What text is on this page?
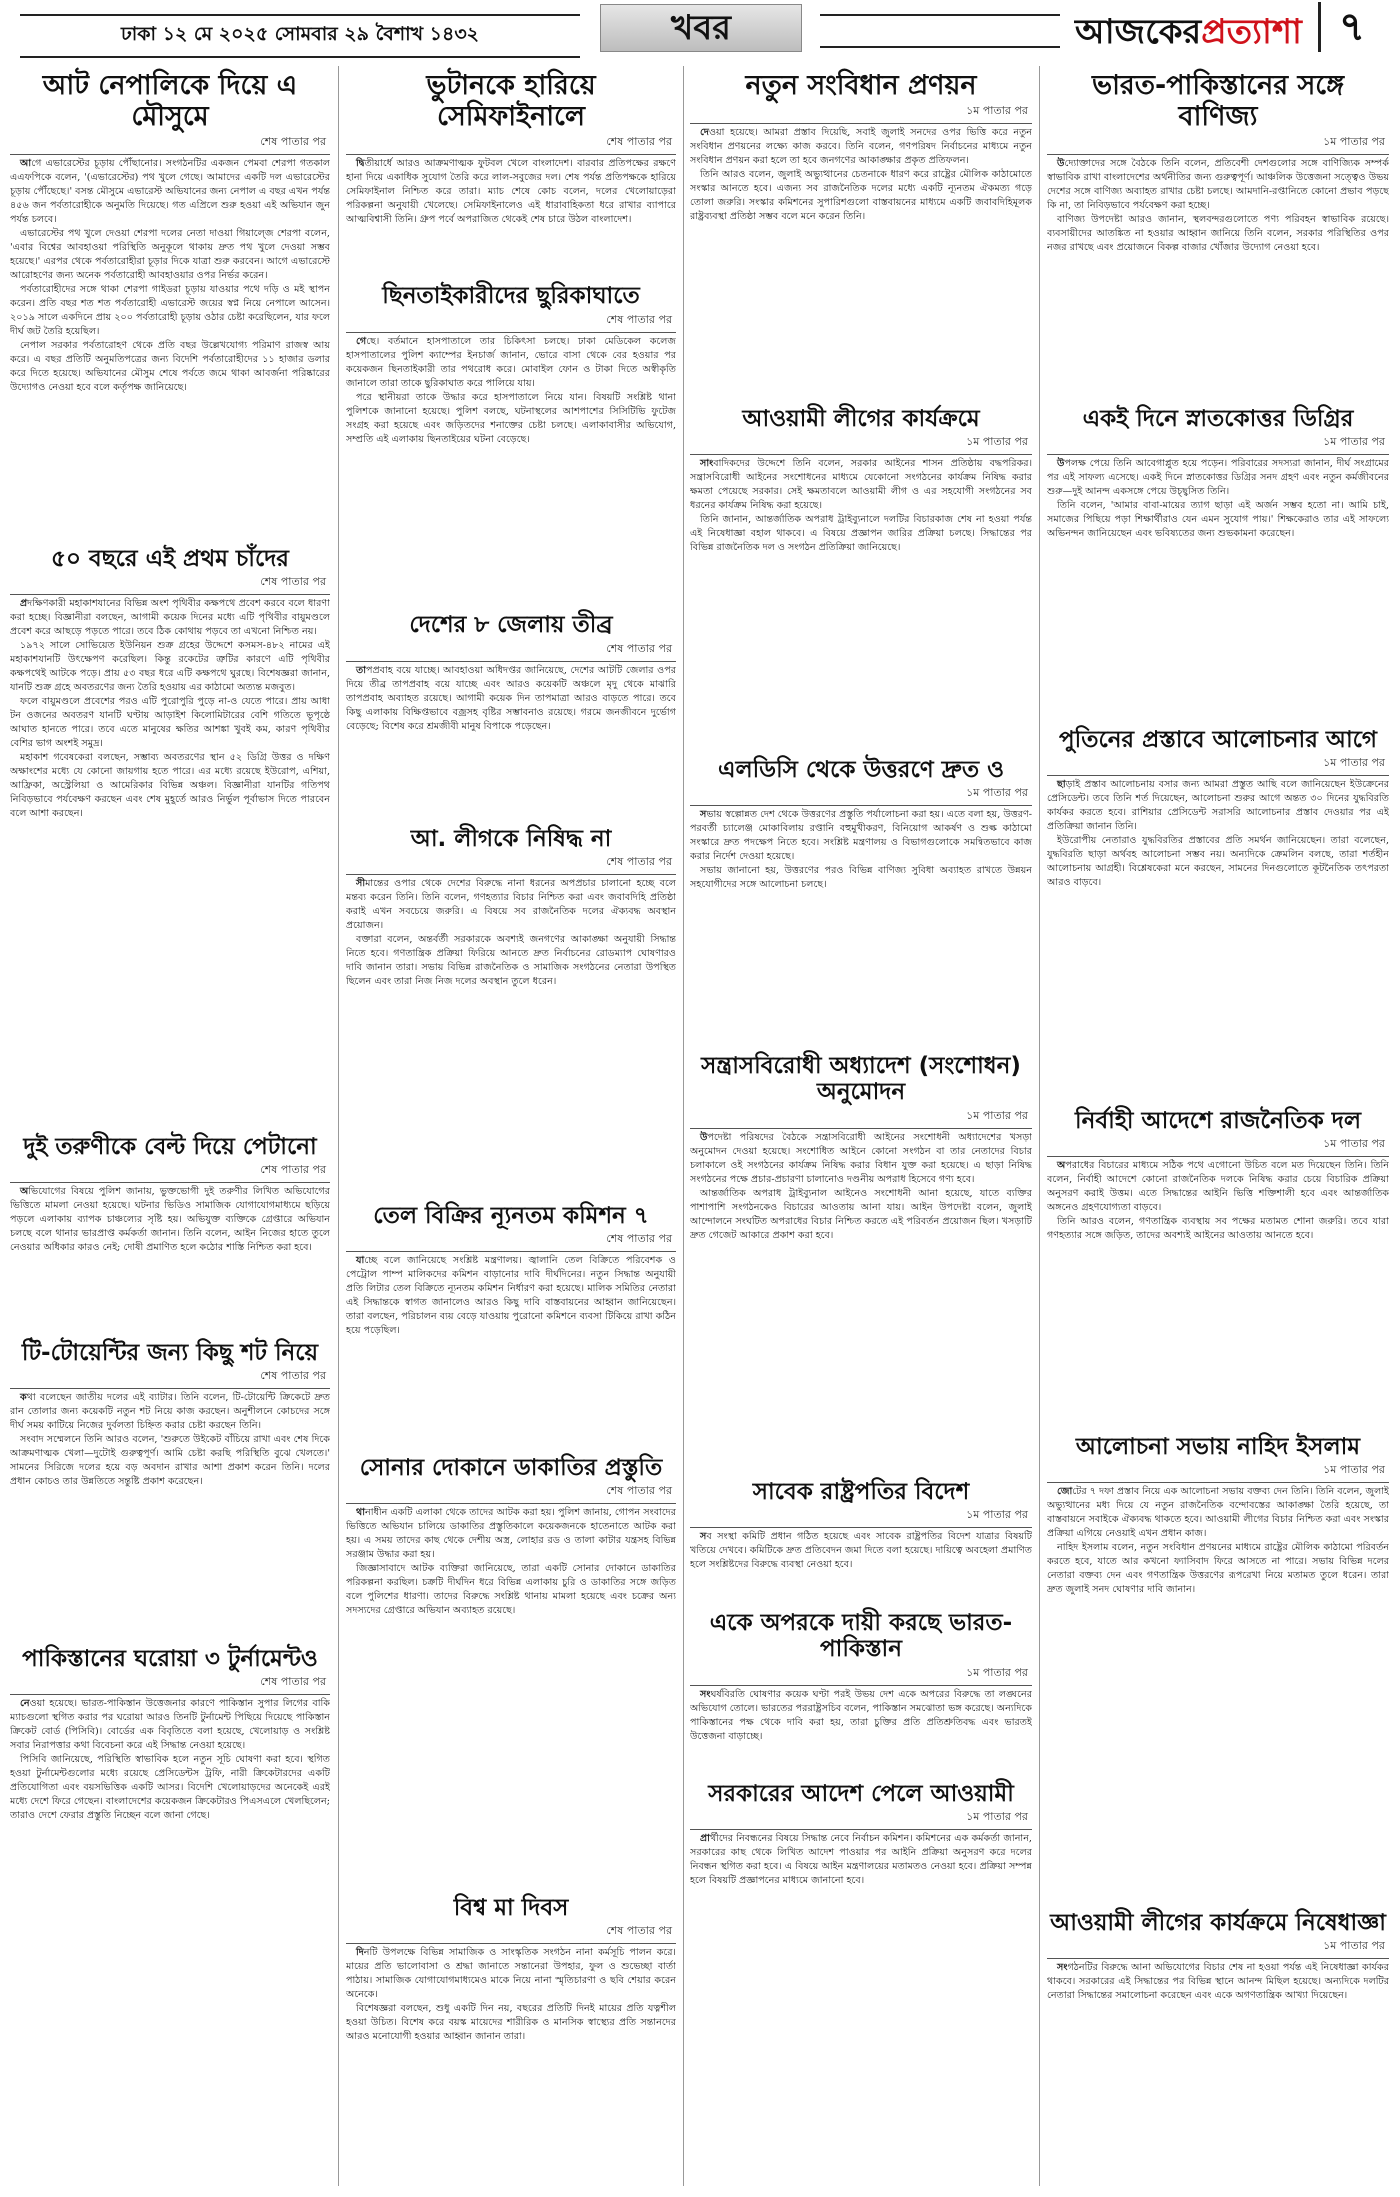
ঢাকা ১২ মে ২০২৫ সোমবার ২৯ বৈশাখ ১৪৩২	খবর	আজকেরপ্রত্যাশা ৭
আট নেপালিকে দিয়ে এ মৌসুমে
শেষ পাতার পর

আগে এভারেস্টের চূড়ায় পৌঁছানোর। সংগঠনটির একজন পেমবা শেরপা গতকাল এএফপিকে বলেন, '(এভারেস্টের) পথ খুলে গেছে। আমাদের একটি দল এভারেস্টের চূড়ায় পৌঁছেছে।' বসন্ত মৌসুমে এভারেস্ট অভিযানের জন্য নেপাল এ বছর এখন পর্যন্ত ৪৫৬ জন পর্বতারোহীকে অনুমতি দিয়েছে। গত এপ্রিলে শুরু হওয়া এই অভিযান জুন পর্যন্ত চলবে।

এভারেস্টের পথ খুলে দেওয়া শেরপা দলের নেতা দাওয়া গিয়াল্জে শেরপা বলেন, 'এবার বিশ্বের আবহাওয়া পরিস্থিতি অনুকূলে থাকায় দ্রুত পথ খুলে দেওয়া সম্ভব হয়েছে।' এরপর থেকে পর্বতারোহীরা চূড়ার দিকে যাত্রা শুরু করবেন। আগে এভারেস্টে আরোহণের জন্য অনেক পর্বতারোহী আবহাওয়ার ওপর নির্ভর করেন।

পর্বতারোহীদের সঙ্গে থাকা শেরপা গাইডরা চূড়ায় যাওয়ার পথে দড়ি ও মই স্থাপন করেন। প্রতি বছর শত শত পর্বতারোহী এভারেস্ট জয়ের স্বপ্ন নিয়ে নেপালে আসেন। ২০১৯ সালে একদিনে প্রায় ২০০ পর্বতারোহী চূড়ায় ওঠার চেষ্টা করেছিলেন, যার ফলে দীর্ঘ জট তৈরি হয়েছিল।

নেপাল সরকার পর্বতারোহণ থেকে প্রতি বছর উল্লেখযোগ্য পরিমাণ রাজস্ব আয় করে। এ বছর প্রতিটি অনুমতিপত্রের জন্য বিদেশি পর্বতারোহীদের ১১ হাজার ডলার করে দিতে হয়েছে। অভিযানের মৌসুম শেষে পর্বতে জমে থাকা আবর্জনা পরিষ্কারের উদ্যোগও নেওয়া হবে বলে কর্তৃপক্ষ জানিয়েছে।

৫০ বছরে এই প্রথম চাঁদের
শেষ পাতার পর

প্রদক্ষিণকারী মহাকাশযানের বিভিন্ন অংশ পৃথিবীর কক্ষপথে প্রবেশ করবে বলে ধারণা করা হচ্ছে। বিজ্ঞানীরা বলছেন, আগামী কয়েক দিনের মধ্যে এটি পৃথিবীর বায়ুমণ্ডলে প্রবেশ করে আছড়ে পড়তে পারে। তবে ঠিক কোথায় পড়বে তা এখনো নিশ্চিত নয়।

১৯৭২ সালে সোভিয়েত ইউনিয়ন শুক্র গ্রহের উদ্দেশে কসমস-৪৮২ নামের এই মহাকাশযানটি উৎক্ষেপণ করেছিল। কিন্তু রকেটের ত্রুটির কারণে এটি পৃথিবীর কক্ষপথেই আটকে পড়ে। প্রায় ৫৩ বছর ধরে এটি কক্ষপথে ঘুরছে। বিশেষজ্ঞরা জানান, যানটি শুক্র গ্রহে অবতরণের জন্য তৈরি হওয়ায় এর কাঠামো অত্যন্ত মজবুত।

ফলে বায়ুমণ্ডলে প্রবেশের পরও এটি পুরোপুরি পুড়ে না-ও যেতে পারে। প্রায় আধা টন ওজনের অবতরণ যানটি ঘণ্টায় আড়াইশ কিলোমিটারের বেশি গতিতে ভূপৃষ্ঠে আঘাত হানতে পারে। তবে এতে মানুষের ক্ষতির আশঙ্কা খুবই কম, কারণ পৃথিবীর বেশির ভাগ অংশই সমুদ্র।

মহাকাশ গবেষকেরা বলছেন, সম্ভাব্য অবতরণের স্থান ৫২ ডিগ্রি উত্তর ও দক্ষিণ অক্ষাংশের মধ্যে যে কোনো জায়গায় হতে পারে। এর মধ্যে রয়েছে ইউরোপ, এশিয়া, আফ্রিকা, অস্ট্রেলিয়া ও আমেরিকার বিভিন্ন অঞ্চল। বিজ্ঞানীরা যানটির গতিপথ নিবিড়ভাবে পর্যবেক্ষণ করছেন এবং শেষ মুহূর্তে আরও নির্ভুল পূর্বাভাস দিতে পারবেন বলে আশা করছেন।

দুই তরুণীকে বেল্ট দিয়ে পেটানো
শেষ পাতার পর

অভিযোগের বিষয়ে পুলিশ জানায়, ভুক্তভোগী দুই তরুণীর লিখিত অভিযোগের ভিত্তিতে মামলা নেওয়া হয়েছে। ঘটনার ভিডিও সামাজিক যোগাযোগমাধ্যমে ছড়িয়ে পড়লে এলাকায় ব্যাপক চাঞ্চল্যের সৃষ্টি হয়। অভিযুক্ত ব্যক্তিকে গ্রেপ্তারে অভিযান চলছে বলে থানার ভারপ্রাপ্ত কর্মকর্তা জানান। তিনি বলেন, আইন নিজের হাতে তুলে নেওয়ার অধিকার কারও নেই; দোষী প্রমাণিত হলে কঠোর শাস্তি নিশ্চিত করা হবে।

টি-টোয়েন্টির জন্য কিছু শট নিয়ে
শেষ পাতার পর

কথা বলেছেন জাতীয় দলের এই ব্যাটার। তিনি বলেন, টি-টোয়েন্টি ক্রিকেটে দ্রুত রান তোলার জন্য কয়েকটি নতুন শট নিয়ে কাজ করছেন। অনুশীলনে কোচদের সঙ্গে দীর্ঘ সময় কাটিয়ে নিজের দুর্বলতা চিহ্নিত করার চেষ্টা করছেন তিনি।

সংবাদ সম্মেলনে তিনি আরও বলেন, 'শুরুতে উইকেট বাঁচিয়ে রাখা এবং শেষ দিকে আক্রমণাত্মক খেলা—দুটোই গুরুত্বপূর্ণ। আমি চেষ্টা করছি পরিস্থিতি বুঝে খেলতে।' সামনের সিরিজে দলের হয়ে বড় অবদান রাখার আশা প্রকাশ করেন তিনি। দলের প্রধান কোচও তার উন্নতিতে সন্তুষ্টি প্রকাশ করেছেন।

পাকিস্তানের ঘরোয়া ৩ টুর্নামেন্টও
শেষ পাতার পর

নেওয়া হয়েছে। ভারত-পাকিস্তান উত্তেজনার কারণে পাকিস্তান সুপার লিগের বাকি ম্যাচগুলো স্থগিত করার পর ঘরোয়া আরও তিনটি টুর্নামেন্ট পিছিয়ে দিয়েছে পাকিস্তান ক্রিকেট বোর্ড (পিসিবি)। বোর্ডের এক বিবৃতিতে বলা হয়েছে, খেলোয়াড় ও সংশ্লিষ্ট সবার নিরাপত্তার কথা বিবেচনা করে এই সিদ্ধান্ত নেওয়া হয়েছে।

পিসিবি জানিয়েছে, পরিস্থিতি স্বাভাবিক হলে নতুন সূচি ঘোষণা করা হবে। স্থগিত হওয়া টুর্নামেন্টগুলোর মধ্যে রয়েছে প্রেসিডেন্টস ট্রফি, নারী ক্রিকেটারদের একটি প্রতিযোগিতা এবং বয়সভিত্তিক একটি আসর। বিদেশি খেলোয়াড়দের অনেকেই এরই মধ্যে দেশে ফিরে গেছেন। বাংলাদেশের কয়েকজন ক্রিকেটারও পিএসএলে খেলছিলেন; তারাও দেশে ফেরার প্রস্তুতি নিচ্ছেন বলে জানা গেছে।

ভুটানকে হারিয়ে সেমিফাইনালে
শেষ পাতার পর

দ্বিতীয়ার্ধে আরও আক্রমণাত্মক ফুটবল খেলে বাংলাদেশ। বারবার প্রতিপক্ষের রক্ষণে হানা দিয়ে একাধিক সুযোগ তৈরি করে লাল-সবুজের দল। শেষ পর্যন্ত প্রতিপক্ষকে হারিয়ে সেমিফাইনাল নিশ্চিত করে তারা। ম্যাচ শেষে কোচ বলেন, দলের খেলোয়াড়েরা পরিকল্পনা অনুযায়ী খেলেছে। সেমিফাইনালেও এই ধারাবাহিকতা ধরে রাখার ব্যাপারে আত্মবিশ্বাসী তিনি। গ্রুপ পর্বে অপরাজিত থেকেই শেষ চারে উঠল বাংলাদেশ।

ছিনতাইকারীদের ছুরিকাঘাতে
শেষ পাতার পর

গেছে। বর্তমানে হাসপাতালে তার চিকিৎসা চলছে। ঢাকা মেডিকেল কলেজ হাসপাতালের পুলিশ ক্যাম্পের ইনচার্জ জানান, ভোরে বাসা থেকে বের হওয়ার পর কয়েকজন ছিনতাইকারী তার পথরোধ করে। মোবাইল ফোন ও টাকা দিতে অস্বীকৃতি জানালে তারা তাকে ছুরিকাঘাত করে পালিয়ে যায়।

পরে স্থানীয়রা তাকে উদ্ধার করে হাসপাতালে নিয়ে যান। বিষয়টি সংশ্লিষ্ট থানা পুলিশকে জানানো হয়েছে। পুলিশ বলছে, ঘটনাস্থলের আশপাশের সিসিটিভি ফুটেজ সংগ্রহ করা হয়েছে এবং জড়িতদের শনাক্তের চেষ্টা চলছে। এলাকাবাসীর অভিযোগ, সম্প্রতি এই এলাকায় ছিনতাইয়ের ঘটনা বেড়েছে।

দেশের ৮ জেলায় তীব্র
শেষ পাতার পর

তাপপ্রবাহ বয়ে যাচ্ছে। আবহাওয়া অধিদপ্তর জানিয়েছে, দেশের আটটি জেলার ওপর দিয়ে তীব্র তাপপ্রবাহ বয়ে যাচ্ছে এবং আরও কয়েকটি অঞ্চলে মৃদু থেকে মাঝারি তাপপ্রবাহ অব্যাহত রয়েছে। আগামী কয়েক দিন তাপমাত্রা আরও বাড়তে পারে। তবে কিছু এলাকায় বিক্ষিপ্তভাবে বজ্রসহ বৃষ্টির সম্ভাবনাও রয়েছে। গরমে জনজীবনে দুর্ভোগ বেড়েছে; বিশেষ করে শ্রমজীবী মানুষ বিপাকে পড়েছেন।

আ. লীগকে নিষিদ্ধ না
শেষ পাতার পর

সীমান্তের ওপার থেকে দেশের বিরুদ্ধে নানা ধরনের অপপ্রচার চালানো হচ্ছে বলে মন্তব্য করেন তিনি। তিনি বলেন, গণহত্যার বিচার নিশ্চিত করা এবং জবাবদিহি প্রতিষ্ঠা করাই এখন সবচেয়ে জরুরি। এ বিষয়ে সব রাজনৈতিক দলের ঐক্যবদ্ধ অবস্থান প্রয়োজন।

বক্তারা বলেন, অন্তর্বর্তী সরকারকে অবশ্যই জনগণের আকাঙ্ক্ষা অনুযায়ী সিদ্ধান্ত নিতে হবে। গণতান্ত্রিক প্রক্রিয়া ফিরিয়ে আনতে দ্রুত নির্বাচনের রোডম্যাপ ঘোষণারও দাবি জানান তারা। সভায় বিভিন্ন রাজনৈতিক ও সামাজিক সংগঠনের নেতারা উপস্থিত ছিলেন এবং তারা নিজ নিজ দলের অবস্থান তুলে ধরেন।

তেল বিক্রির ন্যূনতম কমিশন ৭
শেষ পাতার পর

যাচ্ছে বলে জানিয়েছে সংশ্লিষ্ট মন্ত্রণালয়। জ্বালানি তেল বিক্রিতে পরিবেশক ও পেট্রোল পাম্প মালিকদের কমিশন বাড়ানোর দাবি দীর্ঘদিনের। নতুন সিদ্ধান্ত অনুযায়ী প্রতি লিটার তেল বিক্রিতে ন্যূনতম কমিশন নির্ধারণ করা হয়েছে। মালিক সমিতির নেতারা এই সিদ্ধান্তকে স্বাগত জানালেও আরও কিছু দাবি বাস্তবায়নের আহ্বান জানিয়েছেন। তারা বলছেন, পরিচালন ব্যয় বেড়ে যাওয়ায় পুরোনো কমিশনে ব্যবসা টিকিয়ে রাখা কঠিন হয়ে পড়েছিল।

সোনার দোকানে ডাকাতির প্রস্তুতি
শেষ পাতার পর

থানাধীন একটি এলাকা থেকে তাদের আটক করা হয়। পুলিশ জানায়, গোপন সংবাদের ভিত্তিতে অভিযান চালিয়ে ডাকাতির প্রস্তুতিকালে কয়েকজনকে হাতেনাতে আটক করা হয়। এ সময় তাদের কাছ থেকে দেশীয় অস্ত্র, লোহার রড ও তালা কাটার যন্ত্রসহ বিভিন্ন সরঞ্জাম উদ্ধার করা হয়।

জিজ্ঞাসাবাদে আটক ব্যক্তিরা জানিয়েছে, তারা একটি সোনার দোকানে ডাকাতির পরিকল্পনা করছিল। চক্রটি দীর্ঘদিন ধরে বিভিন্ন এলাকায় চুরি ও ডাকাতির সঙ্গে জড়িত বলে পুলিশের ধারণা। তাদের বিরুদ্ধে সংশ্লিষ্ট থানায় মামলা হয়েছে এবং চক্রের অন্য সদস্যদের গ্রেপ্তারে অভিযান অব্যাহত রয়েছে।

বিশ্ব মা দিবস
শেষ পাতার পর

দিনটি উপলক্ষে বিভিন্ন সামাজিক ও সাংস্কৃতিক সংগঠন নানা কর্মসূচি পালন করে। মায়ের প্রতি ভালোবাসা ও শ্রদ্ধা জানাতে সন্তানেরা উপহার, ফুল ও শুভেচ্ছা বার্তা পাঠায়। সামাজিক যোগাযোগমাধ্যমেও মাকে নিয়ে নানা স্মৃতিচারণা ও ছবি শেয়ার করেন অনেকে।

বিশেষজ্ঞরা বলছেন, শুধু একটি দিন নয়, বছরের প্রতিটি দিনই মায়ের প্রতি যত্নশীল হওয়া উচিত। বিশেষ করে বয়স্ক মায়েদের শারীরিক ও মানসিক স্বাস্থ্যের প্রতি সন্তানদের আরও মনোযোগী হওয়ার আহ্বান জানান তারা।

নতুন সংবিধান প্রণয়ন
১ম পাতার পর

দেওয়া হয়েছে। আমরা প্রস্তাব দিয়েছি, সবাই জুলাই সনদের ওপর ভিত্তি করে নতুন সংবিধান প্রণয়নের লক্ষ্যে কাজ করবে। তিনি বলেন, গণপরিষদ নির্বাচনের মাধ্যমে নতুন সংবিধান প্রণয়ন করা হলে তা হবে জনগণের আকাঙ্ক্ষার প্রকৃত প্রতিফলন।

তিনি আরও বলেন, জুলাই অভ্যুত্থানের চেতনাকে ধারণ করে রাষ্ট্রের মৌলিক কাঠামোতে সংস্কার আনতে হবে। এজন্য সব রাজনৈতিক দলের মধ্যে একটি ন্যূনতম ঐকমত্য গড়ে তোলা জরুরি। সংস্কার কমিশনের সুপারিশগুলো বাস্তবায়নের মাধ্যমে একটি জবাবদিহিমূলক রাষ্ট্রব্যবস্থা প্রতিষ্ঠা সম্ভব বলে মনে করেন তিনি।

আওয়ামী লীগের কার্যক্রমে
১ম পাতার পর

সাংবাদিকদের উদ্দেশে তিনি বলেন, সরকার আইনের শাসন প্রতিষ্ঠায় বদ্ধপরিকর। সন্ত্রাসবিরোধী আইনের সংশোধনের মাধ্যমে যেকোনো সংগঠনের কার্যক্রম নিষিদ্ধ করার ক্ষমতা পেয়েছে সরকার। সেই ক্ষমতাবলে আওয়ামী লীগ ও এর সহযোগী সংগঠনের সব ধরনের কার্যক্রম নিষিদ্ধ করা হয়েছে।

তিনি জানান, আন্তর্জাতিক অপরাধ ট্রাইব্যুনালে দলটির বিচারকাজ শেষ না হওয়া পর্যন্ত এই নিষেধাজ্ঞা বহাল থাকবে। এ বিষয়ে প্রজ্ঞাপন জারির প্রক্রিয়া চলছে। সিদ্ধান্তের পর বিভিন্ন রাজনৈতিক দল ও সংগঠন প্রতিক্রিয়া জানিয়েছে।

এলডিসি থেকে উত্তরণে দ্রুত ও
১ম পাতার পর

সভায় স্বল্পোন্নত দেশ থেকে উত্তরণের প্রস্তুতি পর্যালোচনা করা হয়। এতে বলা হয়, উত্তরণ-পরবর্তী চ্যালেঞ্জ মোকাবিলায় রপ্তানি বহুমুখীকরণ, বিনিয়োগ আকর্ষণ ও শুল্ক কাঠামো সংস্কারে দ্রুত পদক্ষেপ নিতে হবে। সংশ্লিষ্ট মন্ত্রণালয় ও বিভাগগুলোকে সমন্বিতভাবে কাজ করার নির্দেশ দেওয়া হয়েছে।

সভায় জানানো হয়, উত্তরণের পরও বিভিন্ন বাণিজ্য সুবিধা অব্যাহত রাখতে উন্নয়ন সহযোগীদের সঙ্গে আলোচনা চলছে।

সন্ত্রাসবিরোধী অধ্যাদেশ (সংশোধন) অনুমোদন
১ম পাতার পর

উপদেষ্টা পরিষদের বৈঠকে সন্ত্রাসবিরোধী আইনের সংশোধনী অধ্যাদেশের খসড়া অনুমোদন দেওয়া হয়েছে। সংশোধিত আইনে কোনো সংগঠন বা তার নেতাদের বিচার চলাকালে ওই সংগঠনের কার্যক্রম নিষিদ্ধ করার বিধান যুক্ত করা হয়েছে। এ ছাড়া নিষিদ্ধ সংগঠনের পক্ষে প্রচার-প্রচারণা চালানোও দণ্ডনীয় অপরাধ হিসেবে গণ্য হবে।

আন্তর্জাতিক অপরাধ ট্রাইব্যুনাল আইনেও সংশোধনী আনা হয়েছে, যাতে ব্যক্তির পাশাপাশি সংগঠনকেও বিচারের আওতায় আনা যায়। আইন উপদেষ্টা বলেন, জুলাই আন্দোলনে সংঘটিত অপরাধের বিচার নিশ্চিত করতে এই পরিবর্তন প্রয়োজন ছিল। খসড়াটি দ্রুত গেজেট আকারে প্রকাশ করা হবে।

সাবেক রাষ্ট্রপতির বিদেশ
১ম পাতার পর

সব সংস্থা কমিটি প্রধান গঠিত হয়েছে এবং সাবেক রাষ্ট্রপতির বিদেশ যাত্রার বিষয়টি খতিয়ে দেখবে। কমিটিকে দ্রুত প্রতিবেদন জমা দিতে বলা হয়েছে। দায়িত্বে অবহেলা প্রমাণিত হলে সংশ্লিষ্টদের বিরুদ্ধে ব্যবস্থা নেওয়া হবে।

একে অপরকে দায়ী করছে ভারত-পাকিস্তান
১ম পাতার পর

সংঘর্ষবিরতি ঘোষণার কয়েক ঘণ্টা পরই উভয় দেশ একে অপরের বিরুদ্ধে তা লঙ্ঘনের অভিযোগ তোলে। ভারতের পররাষ্ট্রসচিব বলেন, পাকিস্তান সমঝোতা ভঙ্গ করেছে। অন্যদিকে পাকিস্তানের পক্ষ থেকে দাবি করা হয়, তারা চুক্তির প্রতি প্রতিশ্রুতিবদ্ধ এবং ভারতই উত্তেজনা বাড়াচ্ছে।

সরকারের আদেশ পেলে আওয়ামী
১ম পাতার পর

প্রার্থীদের নিবন্ধনের বিষয়ে সিদ্ধান্ত নেবে নির্বাচন কমিশন। কমিশনের এক কর্মকর্তা জানান, সরকারের কাছ থেকে লিখিত আদেশ পাওয়ার পর আইনি প্রক্রিয়া অনুসরণ করে দলের নিবন্ধন স্থগিত করা হবে। এ বিষয়ে আইন মন্ত্রণালয়ের মতামতও নেওয়া হবে। প্রক্রিয়া সম্পন্ন হলে বিষয়টি প্রজ্ঞাপনের মাধ্যমে জানানো হবে।

ভারত-পাকিস্তানের সঙ্গে বাণিজ্য
১ম পাতার পর

উদ্যোক্তাদের সঙ্গে বৈঠকে তিনি বলেন, প্রতিবেশী দেশগুলোর সঙ্গে বাণিজ্যিক সম্পর্ক স্বাভাবিক রাখা বাংলাদেশের অর্থনীতির জন্য গুরুত্বপূর্ণ। আঞ্চলিক উত্তেজনা সত্ত্বেও উভয় দেশের সঙ্গে বাণিজ্য অব্যাহত রাখার চেষ্টা চলছে। আমদানি-রপ্তানিতে কোনো প্রভাব পড়ছে কি না, তা নিবিড়ভাবে পর্যবেক্ষণ করা হচ্ছে।

বাণিজ্য উপদেষ্টা আরও জানান, স্থলবন্দরগুলোতে পণ্য পরিবহন স্বাভাবিক রয়েছে। ব্যবসায়ীদের আতঙ্কিত না হওয়ার আহ্বান জানিয়ে তিনি বলেন, সরকার পরিস্থিতির ওপর নজর রাখছে এবং প্রয়োজনে বিকল্প বাজার খোঁজার উদ্যোগ নেওয়া হবে।

একই দিনে স্নাতকোত্তর ডিগ্রির
১ম পাতার পর

উপলক্ষ পেয়ে তিনি আবেগাপ্লুত হয়ে পড়েন। পরিবারের সদস্যরা জানান, দীর্ঘ সংগ্রামের পর এই সাফল্য এসেছে। একই দিনে স্নাতকোত্তর ডিগ্রির সনদ গ্রহণ এবং নতুন কর্মজীবনের শুরু—দুই আনন্দ একসঙ্গে পেয়ে উচ্ছ্বসিত তিনি।

তিনি বলেন, 'আমার বাবা-মায়ের ত্যাগ ছাড়া এই অর্জন সম্ভব হতো না। আমি চাই, সমাজের পিছিয়ে পড়া শিক্ষার্থীরাও যেন এমন সুযোগ পায়।' শিক্ষকেরাও তার এই সাফল্যে অভিনন্দন জানিয়েছেন এবং ভবিষ্যতের জন্য শুভকামনা করেছেন।

পুতিনের প্রস্তাবে আলোচনার আগে
১ম পাতার পর

ছাড়াই প্রস্তাব আলোচনায় বসার জন্য আমরা প্রস্তুত আছি বলে জানিয়েছেন ইউক্রেনের প্রেসিডেন্ট। তবে তিনি শর্ত দিয়েছেন, আলোচনা শুরুর আগে অন্তত ৩০ দিনের যুদ্ধবিরতি কার্যকর করতে হবে। রাশিয়ার প্রেসিডেন্ট সরাসরি আলোচনার প্রস্তাব দেওয়ার পর এই প্রতিক্রিয়া জানান তিনি।

ইউরোপীয় নেতারাও যুদ্ধবিরতির প্রস্তাবের প্রতি সমর্থন জানিয়েছেন। তারা বলেছেন, যুদ্ধবিরতি ছাড়া অর্থবহ আলোচনা সম্ভব নয়। অন্যদিকে ক্রেমলিন বলছে, তারা শর্তহীন আলোচনায় আগ্রহী। বিশ্লেষকেরা মনে করছেন, সামনের দিনগুলোতে কূটনৈতিক তৎপরতা আরও বাড়বে।

নির্বাহী আদেশে রাজনৈতিক দল
১ম পাতার পর

অপরাধের বিচারের মাধ্যমে সঠিক পথে এগোনো উচিত বলে মত দিয়েছেন তিনি। তিনি বলেন, নির্বাহী আদেশে কোনো রাজনৈতিক দলকে নিষিদ্ধ করার চেয়ে বিচারিক প্রক্রিয়া অনুসরণ করাই উত্তম। এতে সিদ্ধান্তের আইনি ভিত্তি শক্তিশালী হবে এবং আন্তর্জাতিক অঙ্গনেও গ্রহণযোগ্যতা বাড়বে।

তিনি আরও বলেন, গণতান্ত্রিক ব্যবস্থায় সব পক্ষের মতামত শোনা জরুরি। তবে যারা গণহত্যার সঙ্গে জড়িত, তাদের অবশ্যই আইনের আওতায় আনতে হবে।

আলোচনা সভায় নাহিদ ইসলাম
১ম পাতার পর

জোটের ৭ দফা প্রস্তাব নিয়ে এক আলোচনা সভায় বক্তব্য দেন তিনি। তিনি বলেন, জুলাই অভ্যুত্থানের মধ্য দিয়ে যে নতুন রাজনৈতিক বন্দোবস্তের আকাঙ্ক্ষা তৈরি হয়েছে, তা বাস্তবায়নে সবাইকে ঐক্যবদ্ধ থাকতে হবে। আওয়ামী লীগের বিচার নিশ্চিত করা এবং সংস্কার প্রক্রিয়া এগিয়ে নেওয়াই এখন প্রধান কাজ।

নাহিদ ইসলাম বলেন, নতুন সংবিধান প্রণয়নের মাধ্যমে রাষ্ট্রের মৌলিক কাঠামো পরিবর্তন করতে হবে, যাতে আর কখনো ফ্যাসিবাদ ফিরে আসতে না পারে। সভায় বিভিন্ন দলের নেতারা বক্তব্য দেন এবং গণতান্ত্রিক উত্তরণের রূপরেখা নিয়ে মতামত তুলে ধরেন। তারা দ্রুত জুলাই সনদ ঘোষণার দাবি জানান।

আওয়ামী লীগের কার্যক্রমে নিষেধাজ্ঞা
১ম পাতার পর

সংগঠনটির বিরুদ্ধে আনা অভিযোগের বিচার শেষ না হওয়া পর্যন্ত এই নিষেধাজ্ঞা কার্যকর থাকবে। সরকারের এই সিদ্ধান্তের পর বিভিন্ন স্থানে আনন্দ মিছিল হয়েছে। অন্যদিকে দলটির নেতারা সিদ্ধান্তের সমালোচনা করেছেন এবং একে অগণতান্ত্রিক আখ্যা দিয়েছেন।
